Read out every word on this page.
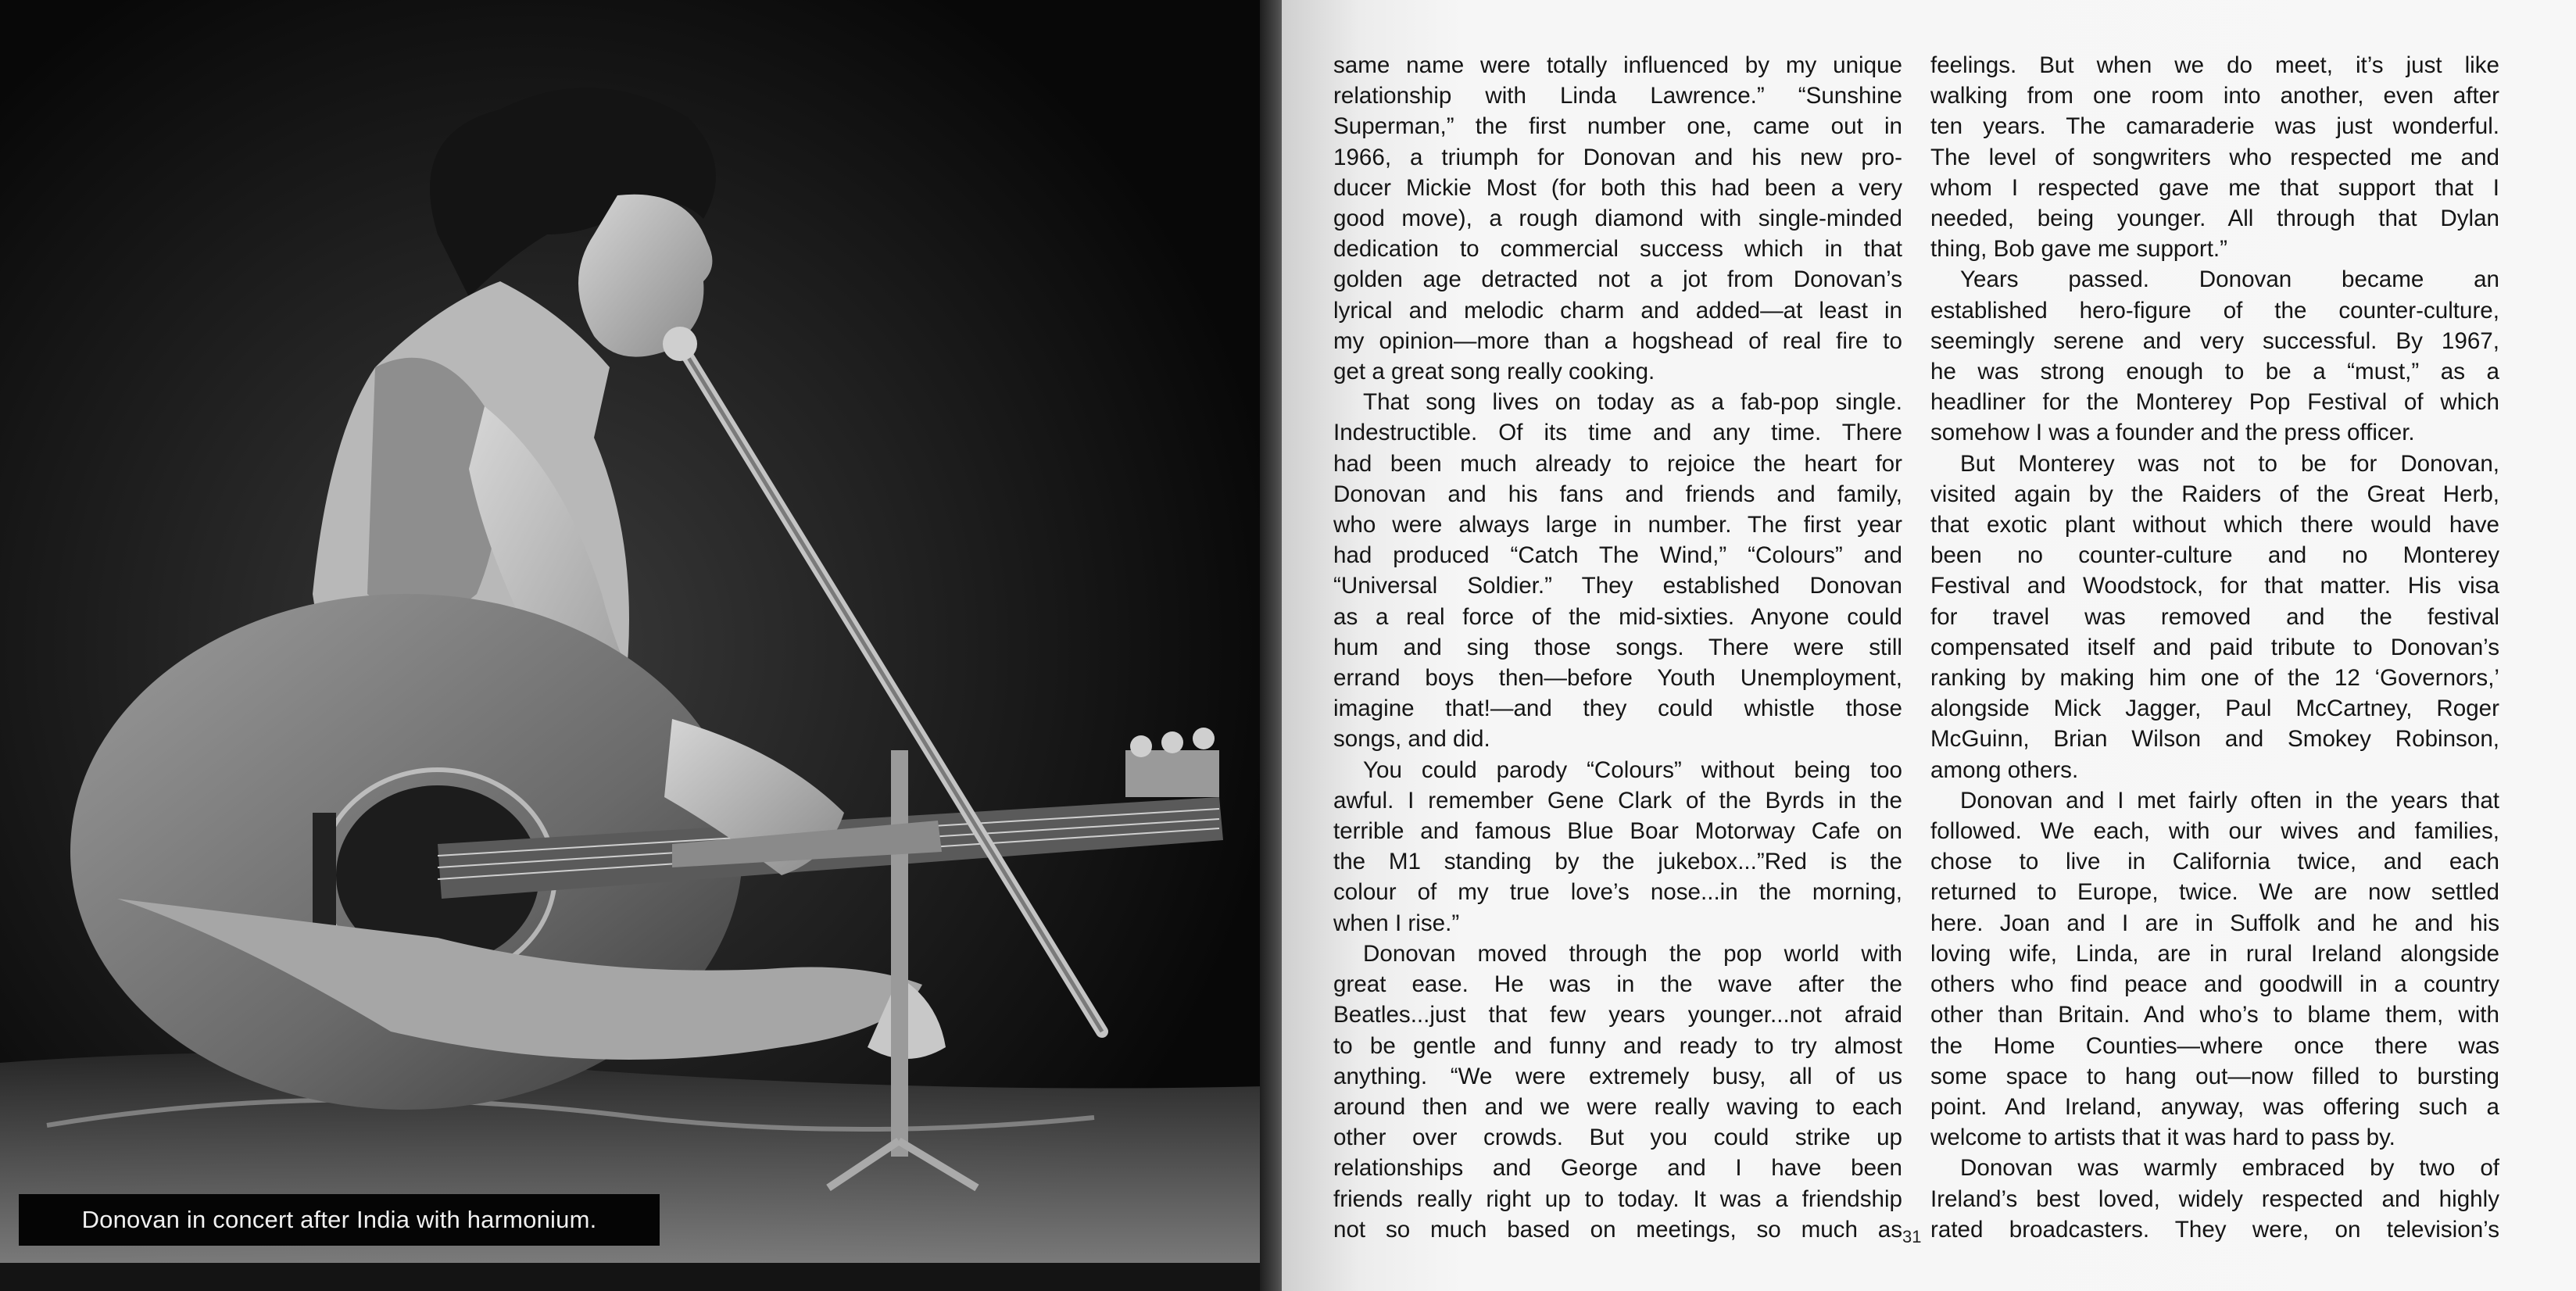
Donovan in concert after India with harmonium.

same name were totally influenced by my unique

relationship with Linda Lawrence.” “Sunshine

Superman,” the first number one, came out in

1966, a triumph for Donovan and his new pro-

ducer Mickie Most (for both this had been a very

good move), a rough diamond with single-minded

dedication to commercial success which in that

golden age detracted not a jot from Donovan’s

lyrical and melodic charm and added—at least in

my opinion—more than a hogshead of real fire to

get a great song really cooking.

That song lives on today as a fab-pop single.

Indestructible. Of its time and any time. There

had been much already to rejoice the heart for

Donovan and his fans and friends and family,

who were always large in number. The first year

had produced “Catch The Wind,” “Colours” and

“Universal Soldier.” They established Donovan

as a real force of the mid-sixties. Anyone could

hum and sing those songs. There were still

errand boys then—before Youth Unemployment,

imagine that!—and they could whistle those

songs, and did.

You could parody “Colours” without being too

awful. I remember Gene Clark of the Byrds in the

terrible and famous Blue Boar Motorway Cafe on

the M1 standing by the jukebox...”Red is the

colour of my true love’s nose...in the morning,

when I rise.”

Donovan moved through the pop world with

great ease. He was in the wave after the

Beatles...just that few years younger...not afraid

to be gentle and funny and ready to try almost

anything. “We were extremely busy, all of us

around then and we were really waving to each

other over crowds. But you could strike up

relationships and George and I have been

friends really right up to today. It was a friendship

not so much based on meetings, so much as

feelings. But when we do meet, it’s just like

walking from one room into another, even after

ten years. The camaraderie was just wonderful.

The level of songwriters who respected me and

whom I respected gave me that support that I

needed, being younger. All through that Dylan

thing, Bob gave me support.”

Years passed. Donovan became an

established hero-figure of the counter-culture,

seemingly serene and very successful. By 1967,

he was strong enough to be a “must,” as a

headliner for the Monterey Pop Festival of which

somehow I was a founder and the press officer.

But Monterey was not to be for Donovan,

visited again by the Raiders of the Great Herb,

that exotic plant without which there would have

been no counter-culture and no Monterey

Festival and Woodstock, for that matter. His visa

for travel was removed and the festival

compensated itself and paid tribute to Donovan’s

ranking by making him one of the 12 ‘Governors,’

alongside Mick Jagger, Paul McCartney, Roger

McGuinn, Brian Wilson and Smokey Robinson,

among others.

Donovan and I met fairly often in the years that

followed. We each, with our wives and families,

chose to live in California twice, and each

returned to Europe, twice. We are now settled

here. Joan and I are in Suffolk and he and his

loving wife, Linda, are in rural Ireland alongside

others who find peace and goodwill in a country

other than Britain. And who’s to blame them, with

the Home Counties—where once there was

some space to hang out—now filled to bursting

point. And Ireland, anyway, was offering such a

welcome to artists that it was hard to pass by.

Donovan was warmly embraced by two of

Ireland’s best loved, widely respected and highly

rated broadcasters. They were, on television’s

31
